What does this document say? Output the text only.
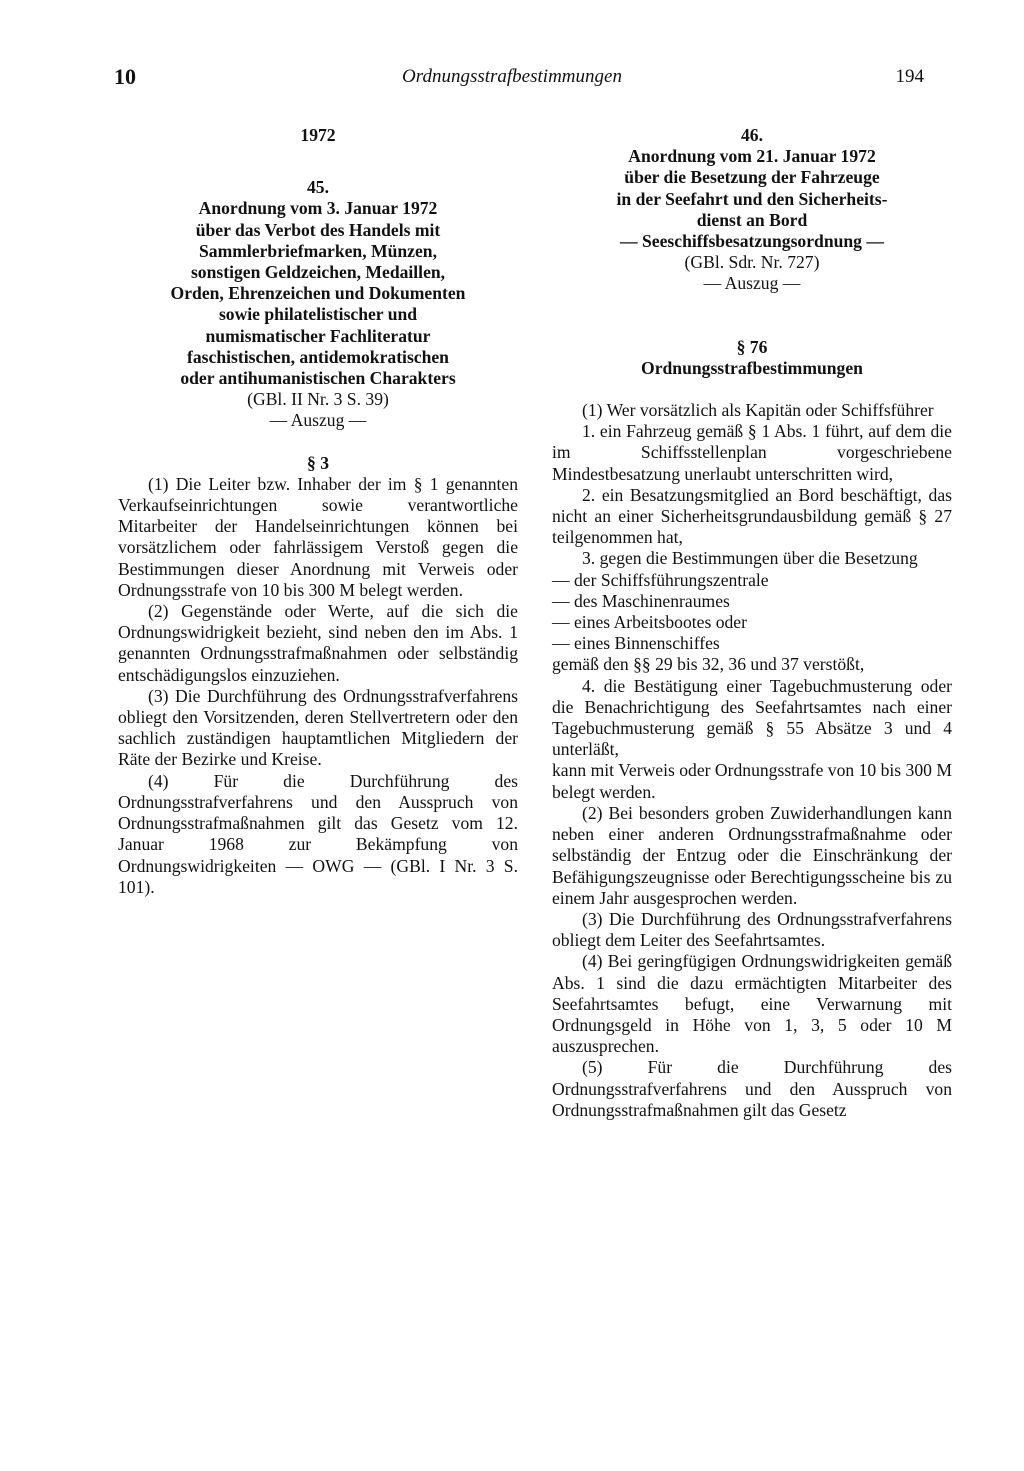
10	Ordnungsstrafbestimmungen	194

1972

45.

Anordnung vom 3. Januar 1972

über das Verbot des Handels mit

Sammlerbriefmarken, Münzen,

sonstigen Geldzeichen, Medaillen,

Orden, Ehrenzeichen und Dokumenten

sowie philatelistischer und

numismatischer Fachliteratur

faschistischen, antidemokratischen

oder antihumanistischen Charakters

(GBl. II Nr. 3 S. 39)

— Auszug —

§ 3

(1) Die Leiter bzw. Inhaber der im § 1 genannten Verkaufseinrichtungen sowie verantwortliche Mitarbeiter der Handelseinrichtungen können bei vorsätzlichem oder fahrlässigem Verstoß gegen die Bestimmungen dieser Anordnung mit Verweis oder Ordnungsstrafe von 10 bis 300 M belegt werden.

(2) Gegenstände oder Werte, auf die sich die Ordnungswidrigkeit bezieht, sind neben den im Abs. 1 genannten Ordnungsstrafmaßnahmen oder selbständig entschädigungslos einzuziehen.

(3) Die Durchführung des Ordnungsstrafverfahrens obliegt den Vorsitzenden, deren Stellvertretern oder den sachlich zuständigen hauptamtlichen Mitgliedern der Räte der Bezirke und Kreise.

(4) Für die Durchführung des Ordnungsstrafverfahrens und den Ausspruch von Ordnungsstrafmaßnahmen gilt das Gesetz vom 12. Januar 1968 zur Bekämpfung von Ordnungswidrigkeiten — OWG — (GBl. I Nr. 3 S. 101).

46.

Anordnung vom 21. Januar 1972

über die Besetzung der Fahrzeuge

in der Seefahrt und den Sicherheits-

dienst an Bord

— Seeschiffsbesatzungsordnung —

(GBl. Sdr. Nr. 727)

— Auszug —

§ 76

Ordnungsstrafbestimmungen

(1) Wer vorsätzlich als Kapitän oder Schiffsführer

1. ein Fahrzeug gemäß § 1 Abs. 1 führt, auf dem die im Schiffsstellenplan vorgeschriebene Mindestbesatzung unerlaubt unterschritten wird,

2. ein Besatzungsmitglied an Bord beschäftigt, das nicht an einer Sicherheitsgrundausbildung gemäß § 27 teilgenommen hat,

3. gegen die Bestimmungen über die Besetzung

— der Schiffsführungszentrale

— des Maschinenraumes

— eines Arbeitsbootes oder

— eines Binnenschiffes

gemäß den §§ 29 bis 32, 36 und 37 verstößt,

4. die Bestätigung einer Tagebuchmusterung oder die Benachrichtigung des Seefahrtsamtes nach einer Tagebuchmusterung gemäß § 55 Absätze 3 und 4 unterläßt,

kann mit Verweis oder Ordnungsstrafe von 10 bis 300 M belegt werden.

(2) Bei besonders groben Zuwiderhandlungen kann neben einer anderen Ordnungsstrafmaßnahme oder selbständig der Entzug oder die Einschränkung der Befähigungszeugnisse oder Berechtigungsscheine bis zu einem Jahr ausgesprochen werden.

(3) Die Durchführung des Ordnungsstrafverfahrens obliegt dem Leiter des Seefahrtsamtes.

(4) Bei geringfügigen Ordnungswidrigkeiten gemäß Abs. 1 sind die dazu ermächtigten Mitarbeiter des Seefahrtsamtes befugt, eine Verwarnung mit Ordnungsgeld in Höhe von 1, 3, 5 oder 10 M auszusprechen.

(5) Für die Durchführung des Ordnungsstrafverfahrens und den Ausspruch von Ordnungsstrafmaßnahmen gilt das Gesetz
